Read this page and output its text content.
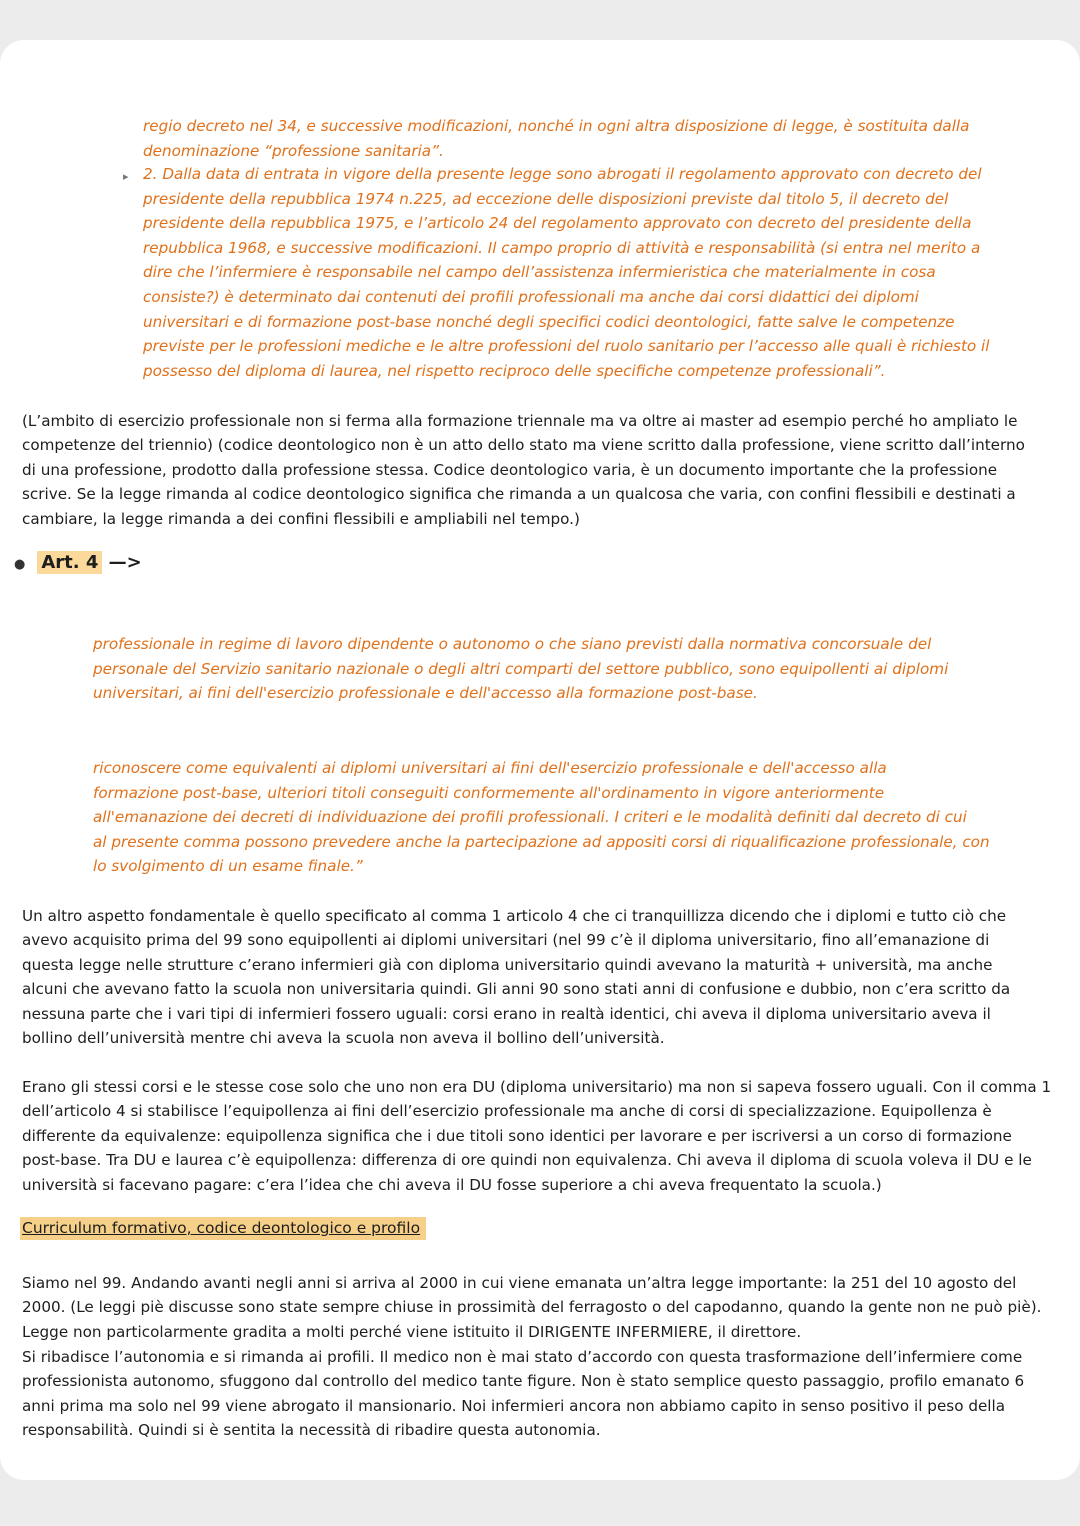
regio decreto nel 34, e successive modificazioni, nonché in ogni altra disposizione di legge, è sostituita dalla
denominazione “professione sanitaria”.

▸ 2. Dalla data di entrata in vigore della presente legge sono abrogati il regolamento approvato con decreto del
presidente della repubblica 1974 n.225, ad eccezione delle disposizioni previste dal titolo 5, il decreto del
presidente della repubblica 1975, e l’articolo 24 del regolamento approvato con decreto del presidente della
repubblica 1968, e successive modificazioni. Il campo proprio di attività e responsabilità (si entra nel merito a
dire che l’infermiere è responsabile nel campo dell’assistenza infermieristica che materialmente in cosa
consiste?) è determinato dai contenuti dei profili professionali ma anche dai corsi didattici dei diplomi
universitari e di formazione post-base nonché degli specifici codici deontologici, fatte salve le competenze
previste per le professioni mediche e le altre professioni del ruolo sanitario per l’accesso alle quali è richiesto il
possesso del diploma di laurea, nel rispetto reciproco delle specifiche competenze professionali”.

(L’ambito di esercizio professionale non si ferma alla formazione triennale ma va oltre ai master ad esempio perché ho ampliato le
competenze del triennio) (codice deontologico non è un atto dello stato ma viene scritto dalla professione, viene scritto dall’interno
di una professione, prodotto dalla professione stessa. Codice deontologico varia, è un documento importante che la professione
scrive. Se la legge rimanda al codice deontologico significa che rimanda a un qualcosa che varia, con confini flessibili e destinati a
cambiare, la legge rimanda a dei confini flessibili e ampliabili nel tempo.)

● Art. 4 —>

professionale in regime di lavoro dipendente o autonomo o che siano previsti dalla normativa concorsuale del
personale del Servizio sanitario nazionale o degli altri comparti del settore pubblico, sono equipollenti ai diplomi
universitari, ai fini dell'esercizio professionale e dell'accesso alla formazione post-base.

riconoscere come equivalenti ai diplomi universitari ai fini dell'esercizio professionale e dell'accesso alla
formazione post-base, ulteriori titoli conseguiti conformemente all'ordinamento in vigore anteriormente
all'emanazione dei decreti di individuazione dei profili professionali. I criteri e le modalità definiti dal decreto di cui
al presente comma possono prevedere anche la partecipazione ad appositi corsi di riqualificazione professionale, con
lo svolgimento di un esame finale.”

Un altro aspetto fondamentale è quello specificato al comma 1 articolo 4 che ci tranquillizza dicendo che i diplomi e tutto ciò che
avevo acquisito prima del 99 sono equipollenti ai diplomi universitari (nel 99 c’è il diploma universitario, fino all’emanazione di
questa legge nelle strutture c’erano infermieri già con diploma universitario quindi avevano la maturità + università, ma anche
alcuni che avevano fatto la scuola non universitaria quindi. Gli anni 90 sono stati anni di confusione e dubbio, non c’era scritto da
nessuna parte che i vari tipi di infermieri fossero uguali: corsi erano in realtà identici, chi aveva il diploma universitario aveva il
bollino dell’università mentre chi aveva la scuola non aveva il bollino dell’università.

Erano gli stessi corsi e le stesse cose solo che uno non era DU (diploma universitario) ma non si sapeva fossero uguali. Con il comma 1
dell’articolo 4 si stabilisce l’equipollenza ai fini dell’esercizio professionale ma anche di corsi di specializzazione. Equipollenza è
differente da equivalenze: equipollenza significa che i due titoli sono identici per lavorare e per iscriversi a un corso di formazione
post-base. Tra DU e laurea c’è equipollenza: differenza di ore quindi non equivalenza. Chi aveva il diploma di scuola voleva il DU e le
università si facevano pagare: c’era l’idea che chi aveva il DU fosse superiore a chi aveva frequentato la scuola.)

Curriculum formativo, codice deontologico e profilo

Siamo nel 99. Andando avanti negli anni si arriva al 2000 in cui viene emanata un’altra legge importante: la 251 del 10 agosto del
2000. (Le leggi piè discusse sono state sempre chiuse in prossimità del ferragosto o del capodanno, quando la gente non ne può piè).
Legge non particolarmente gradita a molti perché viene istituito il DIRIGENTE INFERMIERE, il direttore.

Si ribadisce l’autonomia e si rimanda ai profili. Il medico non è mai stato d’accordo con questa trasformazione dell’infermiere come
professionista autonomo, sfuggono dal controllo del medico tante figure. Non è stato semplice questo passaggio, profilo emanato 6
anni prima ma solo nel 99 viene abrogato il mansionario. Noi infermieri ancora non abbiamo capito in senso positivo il peso della
responsabilità. Quindi si è sentita la necessità di ribadire questa autonomia.
